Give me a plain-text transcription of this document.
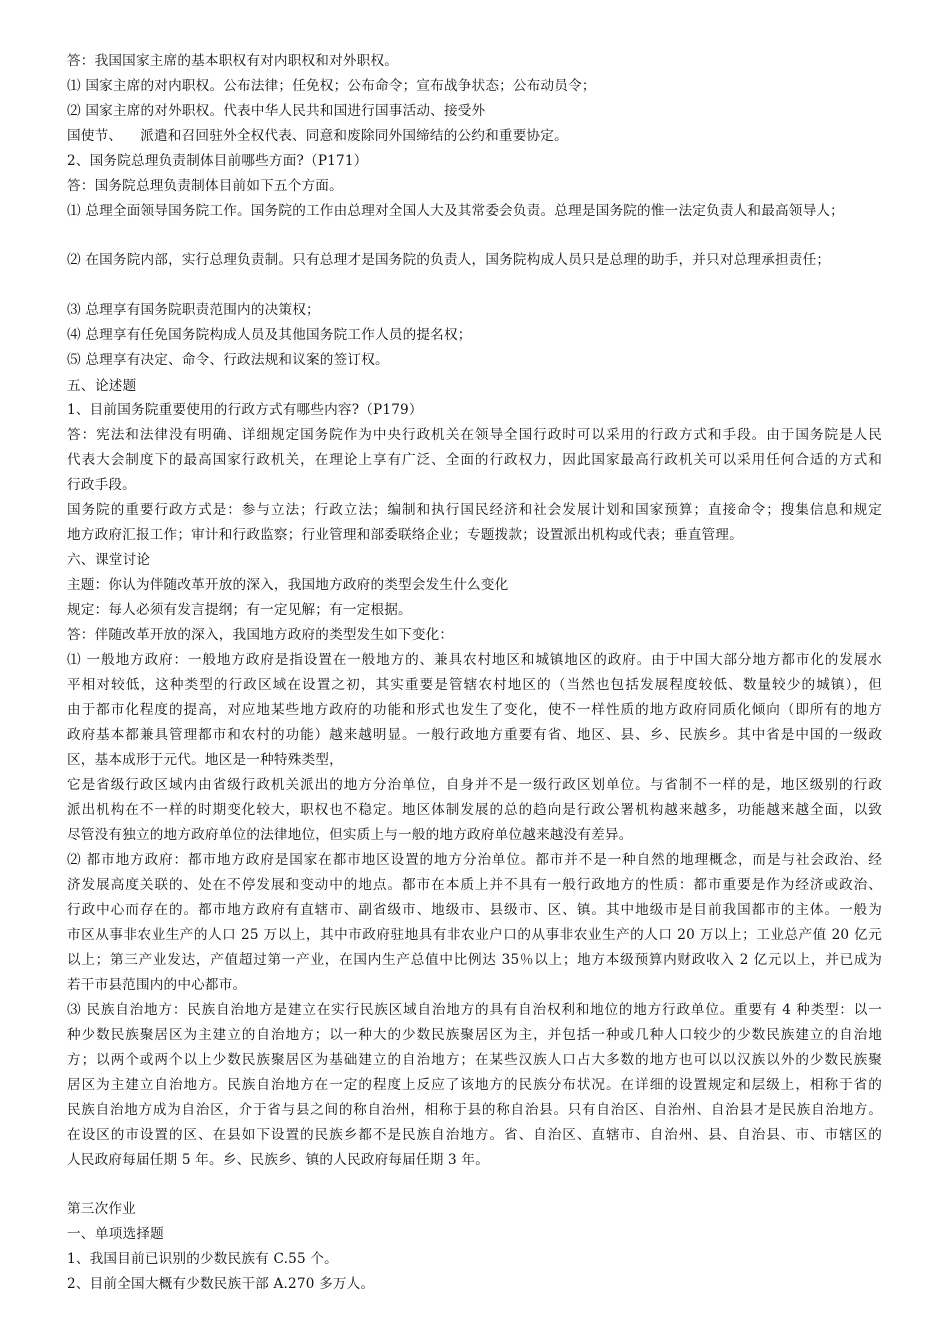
答：我国国家主席的基本职权有对内职权和对外职权。
⑴ 国家主席的对内职权。公布法律；任免权；公布命令；宣布战争状态；公布动员令；
⑵ 国家主席的对外职权。代表中华人民共和国进行国事活动、接受外
国使节、    派遣和召回驻外全权代表、同意和废除同外国缔结的公约和重要协定。
2、国务院总理负责制体目前哪些方面?（P171）
答：国务院总理负责制体目前如下五个方面。
⑴ 总理全面领导国务院工作。国务院的工作由总理对全国人大及其常委会负责。总理是国务院的惟一法定负责人和最高领导人；
⑵ 在国务院内部，实行总理负责制。只有总理才是国务院的负责人，国务院构成人员只是总理的助手，并只对总理承担责任；
⑶ 总理享有国务院职责范围内的决策权；
⑷ 总理享有任免国务院构成人员及其他国务院工作人员的提名权；
⑸ 总理享有决定、命令、行政法规和议案的签订权。
五、论述题
1、目前国务院重要使用的行政方式有哪些内容?（P179）
答：宪法和法律没有明确、详细规定国务院作为中央行政机关在领导全国行政时可以采用的行政方式和手段。由于国务院是人民
代表大会制度下的最高国家行政机关，在理论上享有广泛、全面的行政权力，因此国家最高行政机关可以采用任何合适的方式和
行政手段。
国务院的重要行政方式是：参与立法；行政立法；编制和执行国民经济和社会发展计划和国家预算；直接命令；搜集信息和规定
地方政府汇报工作；审计和行政监察；行业管理和部委联络企业；专题拨款；设置派出机构或代表；垂直管理。
六、课堂讨论
主题：你认为伴随改革开放的深入，我国地方政府的类型会发生什么变化
规定：每人必须有发言提纲；有一定见解；有一定根据。
答：伴随改革开放的深入，我国地方政府的类型发生如下变化：
⑴ 一般地方政府：一般地方政府是指设置在一般地方的、兼具农村地区和城镇地区的政府。由于中国大部分地方都市化的发展水
平相对较低，这种类型的行政区域在设置之初，其实重要是管辖农村地区的（当然也包括发展程度较低、数量较少的城镇），但
由于都市化程度的提高，对应地某些地方政府的功能和形式也发生了变化，使不一样性质的地方政府同质化倾向（即所有的地方
政府基本都兼具管理都市和农村的功能）越来越明显。一般行政地方重要有省、地区、县、乡、民族乡。其中省是中国的一级政
区，基本成形于元代。地区是一种特殊类型，
它是省级行政区域内由省级行政机关派出的地方分治单位，自身并不是一级行政区划单位。与省制不一样的是，地区级别的行政
派出机构在不一样的时期变化较大，职权也不稳定。地区体制发展的总的趋向是行政公署机构越来越多，功能越来越全面，以致
尽管没有独立的地方政府单位的法律地位，但实质上与一般的地方政府单位越来越没有差异。
⑵ 都市地方政府：都市地方政府是国家在都市地区设置的地方分治单位。都市并不是一种自然的地理概念，而是与社会政治、经
济发展高度关联的、处在不停发展和变动中的地点。都市在本质上并不具有一般行政地方的性质：都市重要是作为经济或政治、
行政中心而存在的。都市地方政府有直辖市、副省级市、地级市、县级市、区、镇。其中地级市是目前我国都市的主体。一般为
市区从事非农业生产的人口 25 万以上，其中市政府驻地具有非农业户口的从事非农业生产的人口 20 万以上；工业总产值 20 亿元
以上；第三产业发达，产值超过第一产业，在国内生产总值中比例达 35％以上；地方本级预算内财政收入 2 亿元以上，并已成为
若干市县范围内的中心都市。
⑶ 民族自治地方：民族自治地方是建立在实行民族区域自治地方的具有自治权利和地位的地方行政单位。重要有 4 种类型：以一
种少数民族聚居区为主建立的自治地方；以一种大的少数民族聚居区为主，并包括一种或几种人口较少的少数民族建立的自治地
方；以两个或两个以上少数民族聚居区为基础建立的自治地方；在某些汉族人口占大多数的地方也可以以汉族以外的少数民族聚
居区为主建立自治地方。民族自治地方在一定的程度上反应了该地方的民族分布状况。在详细的设置规定和层级上，相称于省的
民族自治地方成为自治区，介于省与县之间的称自治州，相称于县的称自治县。只有自治区、自治州、自治县才是民族自治地方。
在设区的市设置的区、在县如下设置的民族乡都不是民族自治地方。省、自治区、直辖市、自治州、县、自治县、市、市辖区的
人民政府每届任期 5 年。乡、民族乡、镇的人民政府每届任期 3 年。
第三次作业
一、单项选择题
1、我国目前已识别的少数民族有 C.55 个。
2、目前全国大概有少数民族干部 A.270 多万人。
